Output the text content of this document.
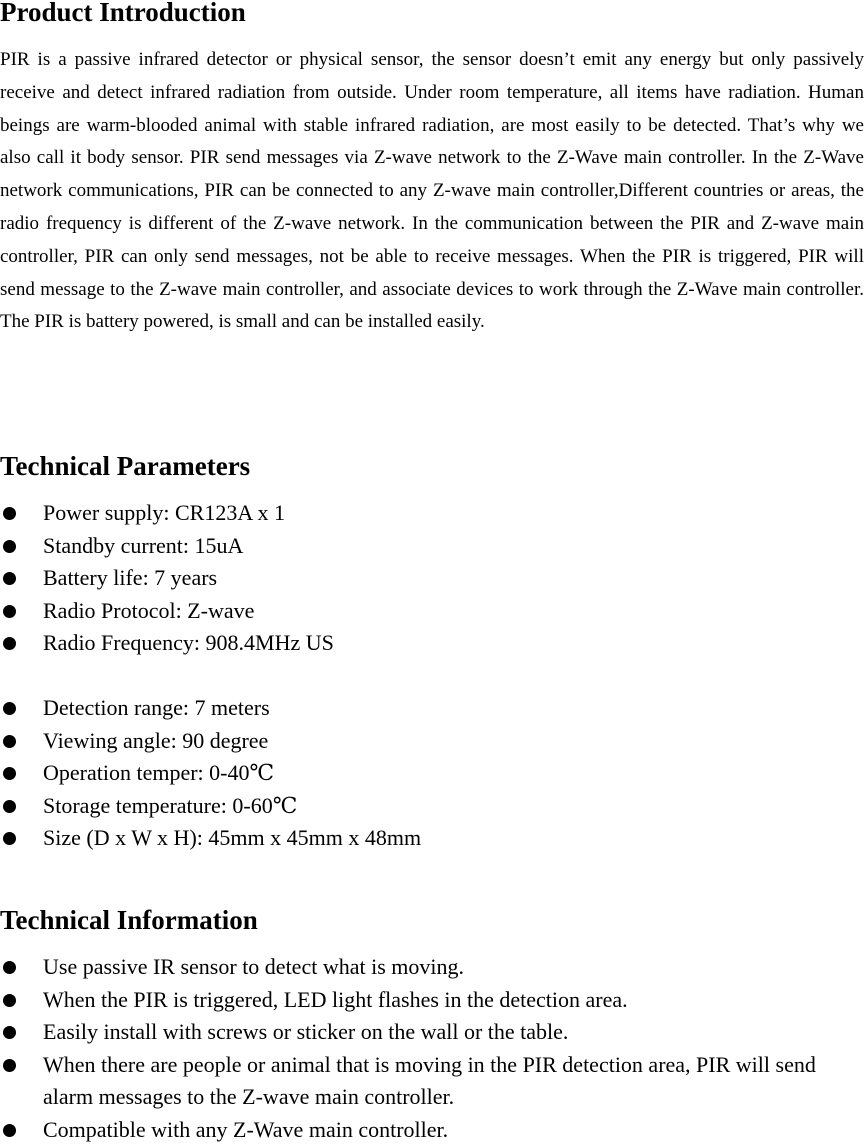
Product Introduction

PIR is a passive infrared detector or physical sensor, the sensor doesn’t emit any energy but only passively receive and detect infrared radiation from outside. Under room temperature, all items have radiation. Human beings are warm-blooded animal with stable infrared radiation, are most easily to be detected. That’s why we also call it body sensor. PIR send messages via Z-wave network to the Z-Wave main controller. In the Z-Wave network communications, PIR can be connected to any Z-wave main controller,Different countries or areas, the radio frequency is different of the Z-wave network. In the communication between the PIR and Z-wave main controller, PIR can only send messages, not be able to receive messages. When the PIR is triggered, PIR will send message to the Z-wave main controller, and associate devices to work through the Z-Wave main controller. The PIR is battery powered, is small and can be installed easily.

Technical Parameters
Power supply: CR123A x 1
Standby current: 15uA
Battery life: 7 years
Radio Protocol: Z-wave
Radio Frequency: 908.4MHz US
Detection range: 7 meters
Viewing angle: 90 degree
Operation temper: 0-40℃
Storage temperature: 0-60℃
Size (D x W x H): 45mm x 45mm x 48mm
Technical Information
Use passive IR sensor to detect what is moving.
When the PIR is triggered, LED light flashes in the detection area.
Easily install with screws or sticker on the wall or the table.
When there are people or animal that is moving in the PIR detection area, PIR will send alarm messages to the Z-wave main controller.
Compatible with any Z-Wave main controller.
